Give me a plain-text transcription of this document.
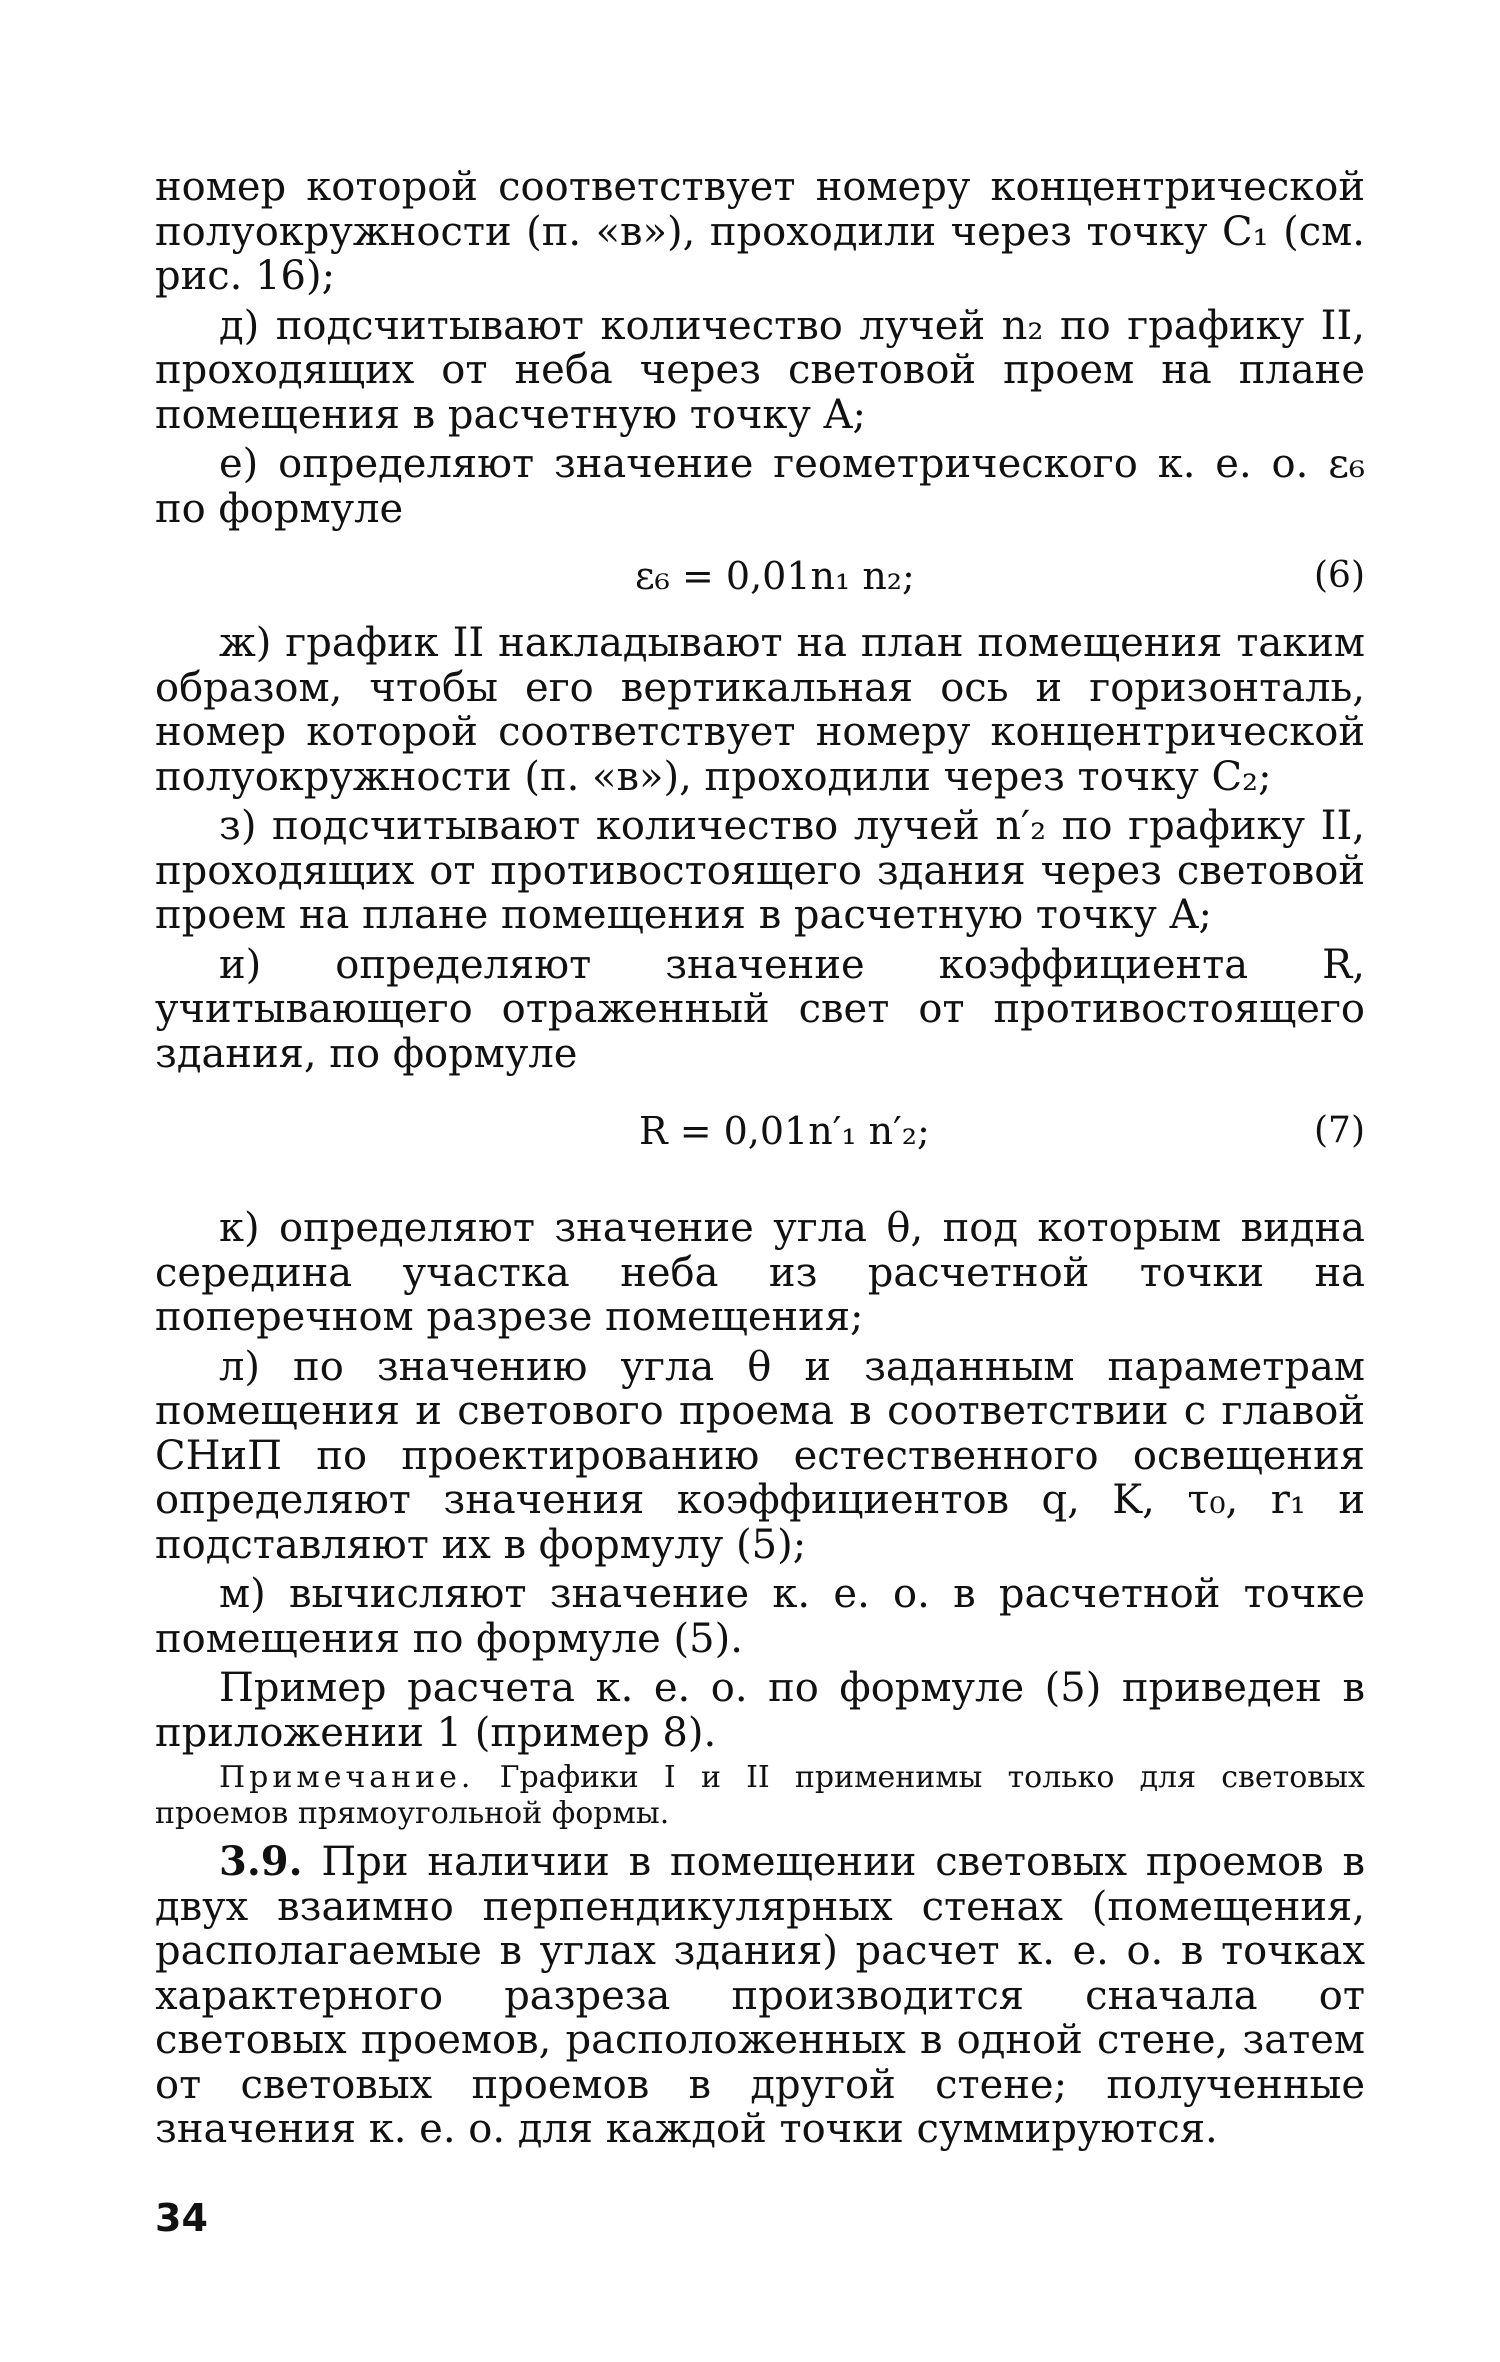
номер которой соответствует номеру концентрической полуокружности (п. «в»), проходили через точку C₁ (см. рис. 16);

д) подсчитывают количество лучей n₂ по графику II, проходящих от неба через световой проем на плане помещения в расчетную точку A;

е) определяют значение геометрического к. е. о. ε₆ по формуле

ε₆ = 0,01n₁ n₂;	(6)

ж) график II накладывают на план помещения таким образом, чтобы его вертикальная ось и горизонталь, номер которой соответствует номеру концентрической полуокружности (п. «в»), проходили через точку C₂;

з) подсчитывают количество лучей n′₂ по графику II, проходящих от противостоящего здания через световой проем на плане помещения в расчетную точку A;

и) определяют значение коэффициента R, учитывающего отраженный свет от противостоящего здания, по формуле

R = 0,01n′₁ n′₂;	(7)

к) определяют значение угла θ, под которым видна середина участка неба из расчетной точки на поперечном разрезе помещения;

л) по значению угла θ и заданным параметрам помещения и светового проема в соответствии с главой СНиП по проектированию естественного освещения определяют значения коэффициентов q, K, τ₀, r₁ и подставляют их в формулу (5);

м) вычисляют значение к. е. о. в расчетной точке помещения по формуле (5).

Пример расчета к. е. о. по формуле (5) приведен в приложении 1 (пример 8).

Примечание. Графики I и II применимы только для световых проемов прямоугольной формы.

3.9. При наличии в помещении световых проемов в двух взаимно перпендикулярных стенах (помещения, располагаемые в углах здания) расчет к. е. о. в точках характерного разреза производится сначала от световых проемов, расположенных в одной стене, затем от световых проемов в другой стене; полученные значения к. е. о. для каждой точки суммируются.

34
